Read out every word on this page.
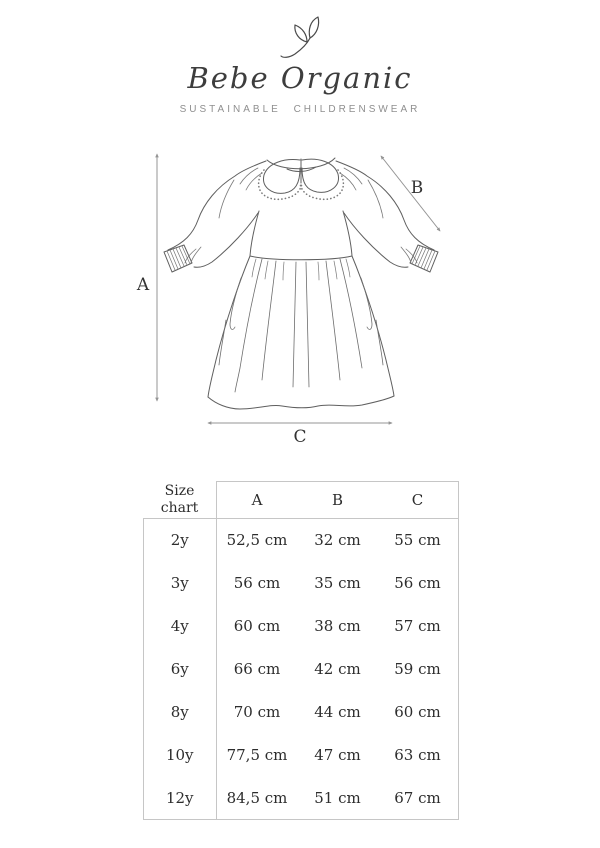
Bebe Organic
SUSTAINABLE CHILDRENSWEAR
A
B
C
Size
chart	A	B	C
2y	52,5 cm	32 cm	55 cm
3y	56 cm	35 cm	56 cm
4y	60 cm	38 cm	57 cm
6y	66 cm	42 cm	59 cm
8y	70 cm	44 cm	60 cm
10y	77,5 cm	47 cm	63 cm
12y	84,5 cm	51 cm	67 cm
